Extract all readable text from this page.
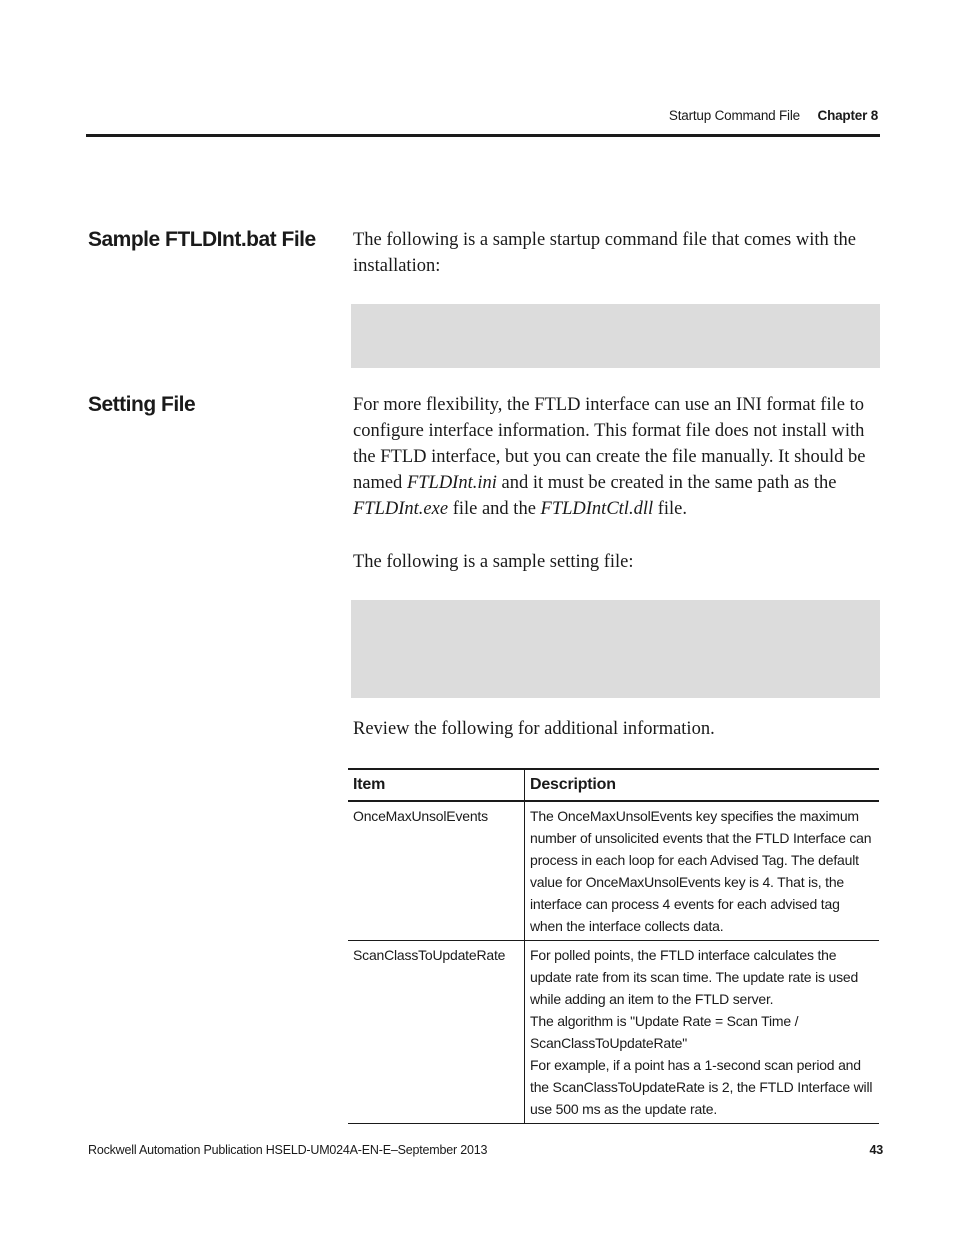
Startup Command File Chapter 8
Sample FTLDInt.bat File The following is a sample startup command file that comes with the installation:
Setting File	For more flexibility, the FTLD interface can use an INI format file to configure interface information. This format file does not install with the FTLD interface, but you can create the file manually. It should be named FTLDInt.ini and it must be created in the same path as the FTLDInt.exe file and the FTLDIntCtl.dll file.
The following is a sample setting file:
Review the following for additional information.
Item	Description
OnceMaxUnsolEvents	The OnceMaxUnsolEvents key specifies the maximum number of unsolicited events that the FTLD Interface can process in each loop for each Advised Tag. The default value for OnceMaxUnsolEvents key is 4. That is, the interface can process 4 events for each advised tag when the interface collects data.

ScanClassToUpdateRate	For polled points, the FTLD interface calculates the update rate from its scan time. The update rate is used while adding an item to the FTLD server.
The algorithm is "Update Rate = Scan Time / ScanClassToUpdateRate"
For example, if a point has a 1-second scan period and the ScanClassToUpdateRate is 2, the FTLD Interface will use 500 ms as the update rate.
Rockwell Automation Publication HSELD-UM024A-EN-E–September 2013	43
